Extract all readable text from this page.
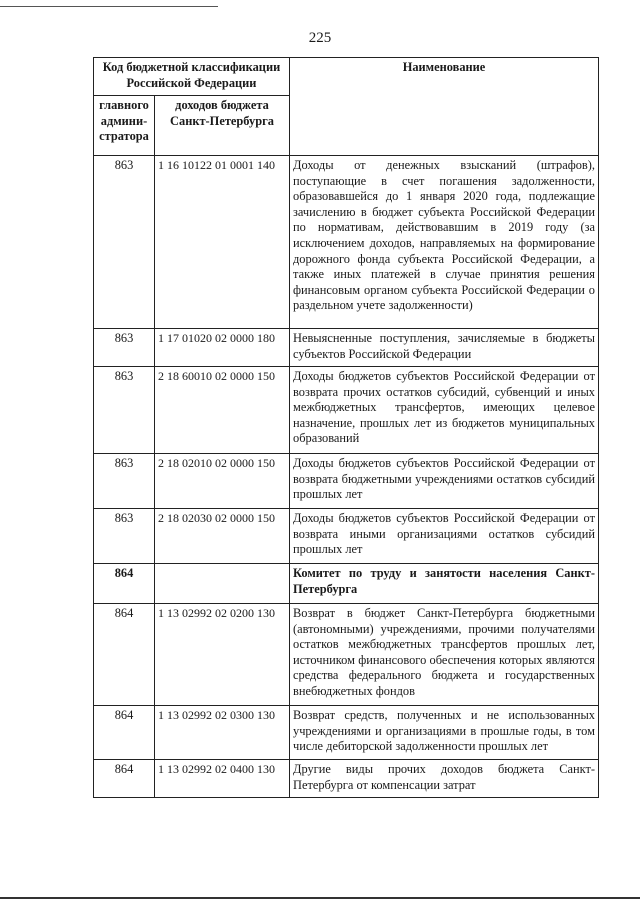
225
Код бюджетной классификации Российской Федерации		Наименование
главного админи-стратора	доходов бюджета Санкт-Петербурга	
863	1 16 10122 01 0001 140	Доходы от денежных взысканий (штрафов), поступающие в счет погашения задолженности, образовавшейся до 1 января 2020 года, подлежащие зачислению в бюджет субъекта Российской Федерации по нормативам, действовавшим в 2019 году (за исключением доходов, направляемых на формирование дорожного фонда субъекта Российской Федерации, а также иных платежей в случае принятия решения финансовым органом субъекта Российской Федерации о раздельном учете задолженности)
863	1 17 01020 02 0000 180	Невыясненные поступления, зачисляемые в бюджеты субъектов Российской Федерации
863	2 18 60010 02 0000 150	Доходы бюджетов субъектов Российской Федерации от возврата прочих остатков субсидий, субвенций и иных межбюджетных трансфертов, имеющих целевое назначение, прошлых лет из бюджетов муниципальных образований
863	2 18 02010 02 0000 150	Доходы бюджетов субъектов Российской Федерации от возврата бюджетными учреждениями остатков субсидий прошлых лет
863	2 18 02030 02 0000 150	Доходы бюджетов субъектов Российской Федерации от возврата иными организациями остатков субсидий прошлых лет
864		Комитет по труду и занятости населения Санкт-Петербурга
864	1 13 02992 02 0200 130	Возврат в бюджет Санкт-Петербурга бюджетными (автономными) учреждениями, прочими получателями остатков межбюджетных трансфертов прошлых лет, источником финансового обеспечения которых являются средства федерального бюджета и государственных внебюджетных фондов
864	1 13 02992 02 0300 130	Возврат средств, полученных и не использованных учреждениями и организациями в прошлые годы, в том числе дебиторской задолженности прошлых лет
864	1 13 02992 02 0400 130	Другие виды прочих доходов бюджета Санкт-Петербурга от компенсации затрат
